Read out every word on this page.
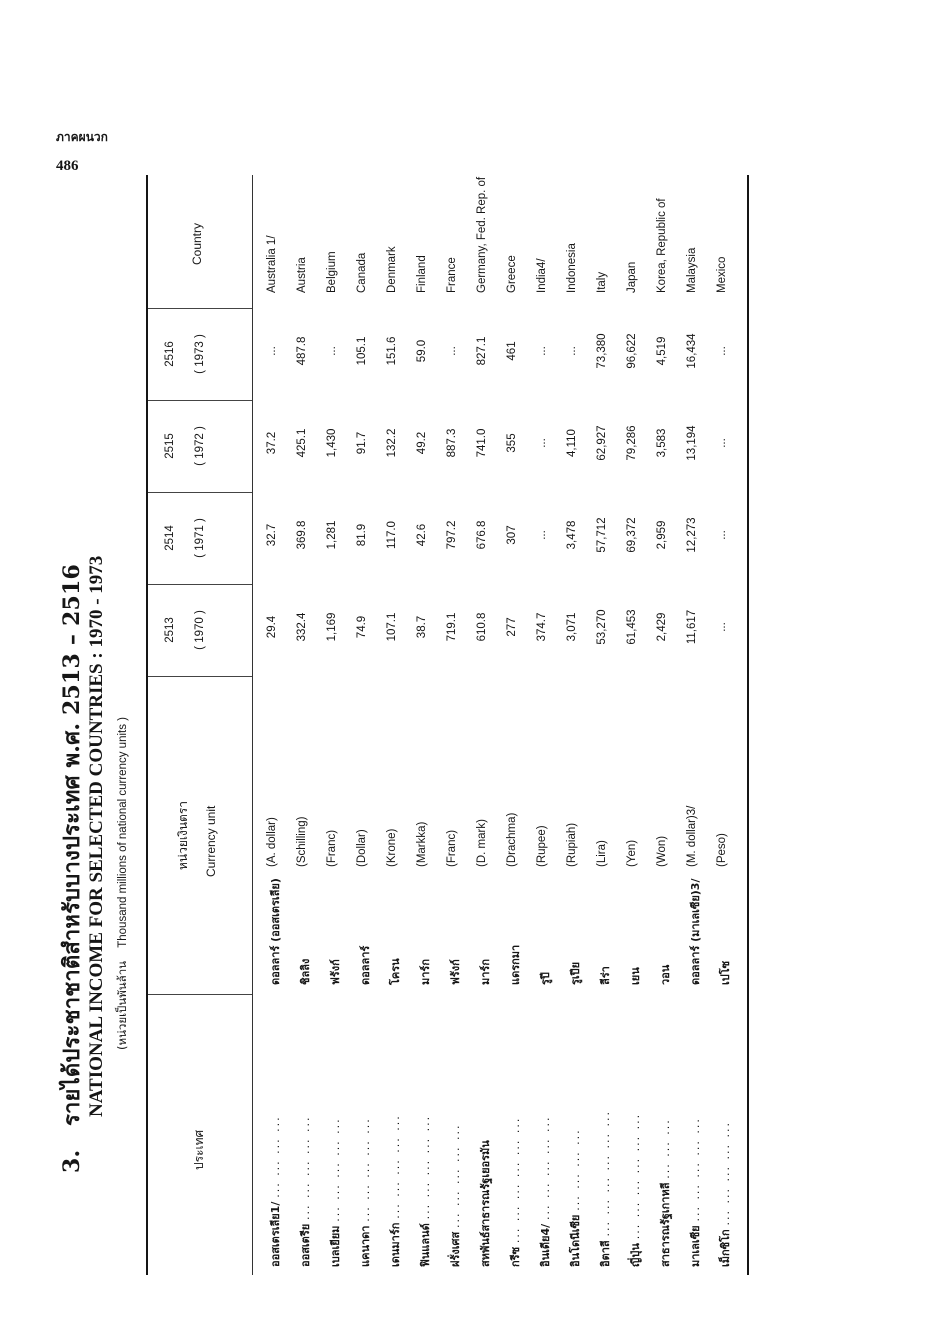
ภาคผนวก
486
3.   รายได้ประชาชาติสำหรับบางประเทศ พ.ศ. 2513 – 2516 NATIONAL INCOME FOR SELECTED COUNTRIES : 1970 - 1973 (หน่วยเป็นพันล้าน Thousand millions of national currency units )
ประเทศ
หน่วยเงินตรา Currency unit
Country
2513 ( 1970 )
2514 ( 1971 )
2515 ( 1972 )
2516 ( 1973 )
ออสเตรเลีย1/ ... ... ... ...
ดอลลาร์ (ออสเตรเลีย)
(A. dollar)
29.4
32.7
37.2
...
Australia 1/
ออสเตรีย ... ... ... ... ...
ชิลลิง
(Schilling)
332.4
369.8
425.1
487.8
Austria
เบลเยียม ... ... ... ... ...
ฟรังก์
(Franc)
1,169
1,281
1,430
...
Belgium
แคนาดา ... ... ... ... ...
ดอลลาร์
(Dollar)
74.9
81.9
91.7
105.1
Canada
เดนมาร์ก ... ... ... ... ...
โครน
(Krone)
107.1
117.0
132.2
151.6
Denmark
ฟินแลนด์ ... ... ... ... ...
มาร์ก
(Markka)
38.7
42.6
49.2
59.0
Finland
ฝรั่งเศส ... ... ... ... ...
ฟรังก์
(Franc)
719.1
797.2
887.3
...
France
สหพันธ์สาธารณรัฐเยอรมัน
มาร์ก
(D. mark)
610.8
676.8
741.0
827.1
Germany, Fed. Rep. of
กรีซ ... ... ... ... ... ...
แดรกมา
(Drachma)
277
307
355
461
Greece
อินเดีย4/ ... ... ... ... ...
รูปี
(Rupee)
374.7
...
...
...
India4/
อินโดนีเซีย ... ... ... ...
รูเปีย
(Rupiah)
3,071
3,478
4,110
...
Indonesia
อิตาลี ... ... ... ... ... ...
ลีร่า
(Lira)
53,270
57,712
62,927
73,380
Italy
ญี่ปุ่น ... ... ... ... ... ...
เยน
(Yen)
61,453
69,372
79,286
96,622
Japan
สาธารณรัฐเกาหลี ... ... ...
วอน
(Won)
2,429
2,959
3,583
4,519
Korea, Republic of
มาเลเซีย ... ... ... ... ...
ดอลลาร์ (มาเลเซีย)3/
(M. dollar)3/
11,617
12,273
13,194
16,434
Malaysia
เม็กซิโก ... ... ... ... ...
เปโซ
(Peso)
...
...
...
...
Mexico
